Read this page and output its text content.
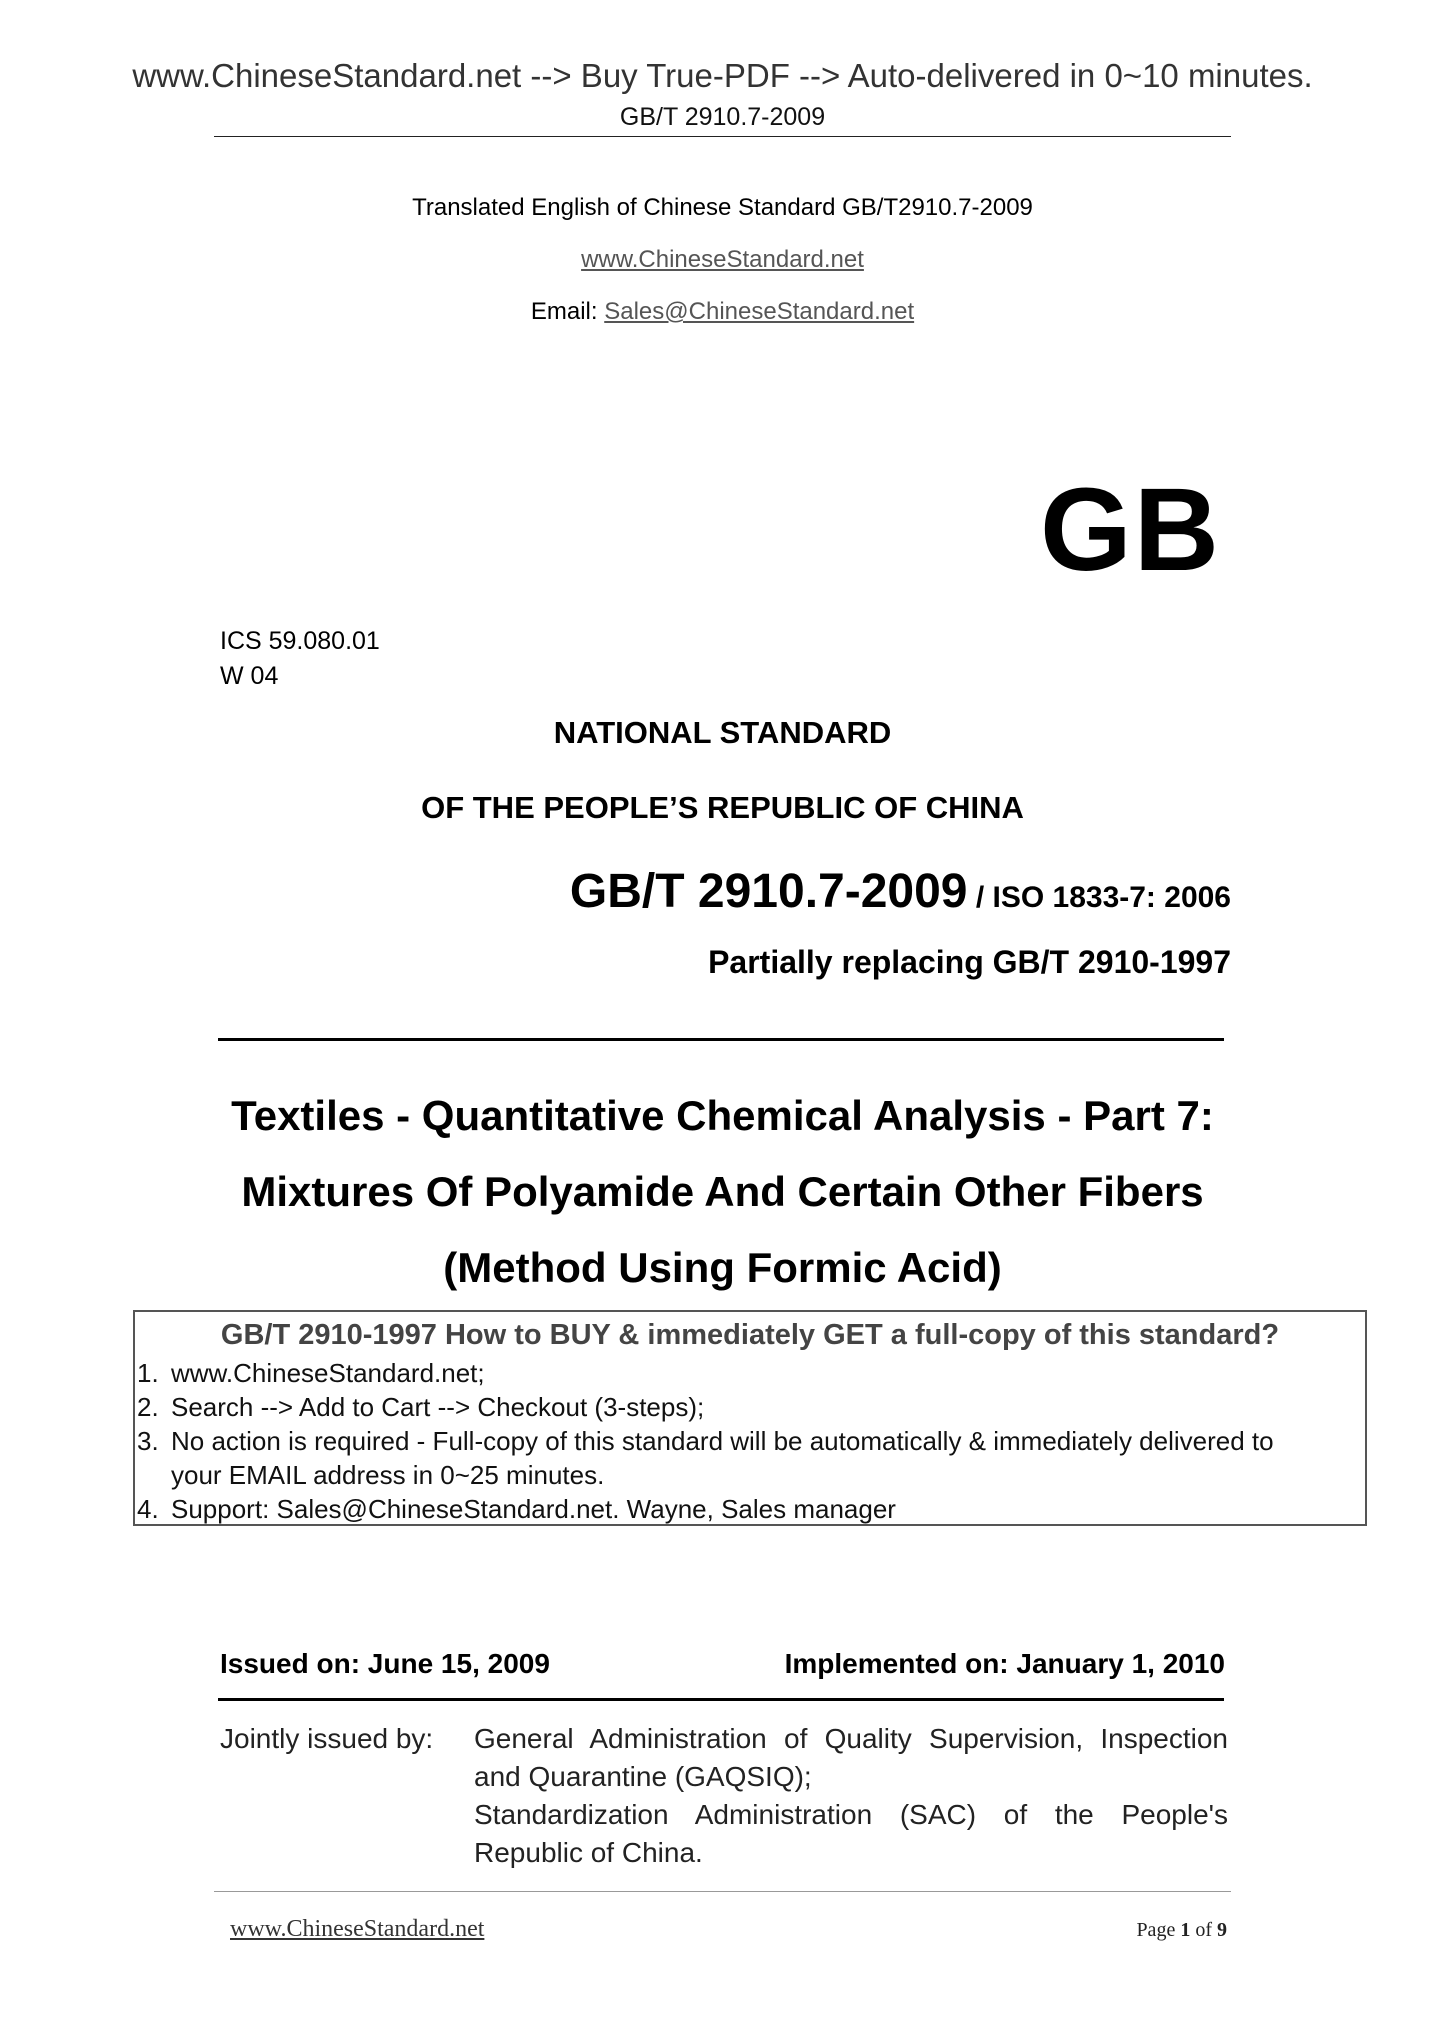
www.ChineseStandard.net --> Buy True-PDF --> Auto-delivered in 0~10 minutes.
GB/T 2910.7-2009
Translated English of Chinese Standard GB/T2910.7-2009
www.ChineseStandard.net
Email: Sales@ChineseStandard.net
GB
ICS 59.080.01
W 04
NATIONAL STANDARD
OF THE PEOPLE’S REPUBLIC OF CHINA
GB/T 2910.7-2009 / ISO 1833-7: 2006
Partially replacing GB/T 2910-1997
Textiles - Quantitative Chemical Analysis - Part 7:
Mixtures Of Polyamide And Certain Other Fibers
(Method Using Formic Acid)
GB/T 2910-1997 How to BUY & immediately GET a full-copy of this standard?
1. www.ChineseStandard.net;
2. Search --> Add to Cart --> Checkout (3-steps);
3. No action is required - Full-copy of this standard will be automatically & immediately delivered to
your EMAIL address in 0~25 minutes.
4. Support: Sales@ChineseStandard.net. Wayne, Sales manager
Issued on: June 15, 2009	Implemented on: January 1, 2010
Jointly issued by: General Administration of Quality Supervision, Inspection and Quarantine (GAQSIQ);
Standardization Administration (SAC) of the People's Republic of China.
www.ChineseStandard.net	Page 1 of 9
